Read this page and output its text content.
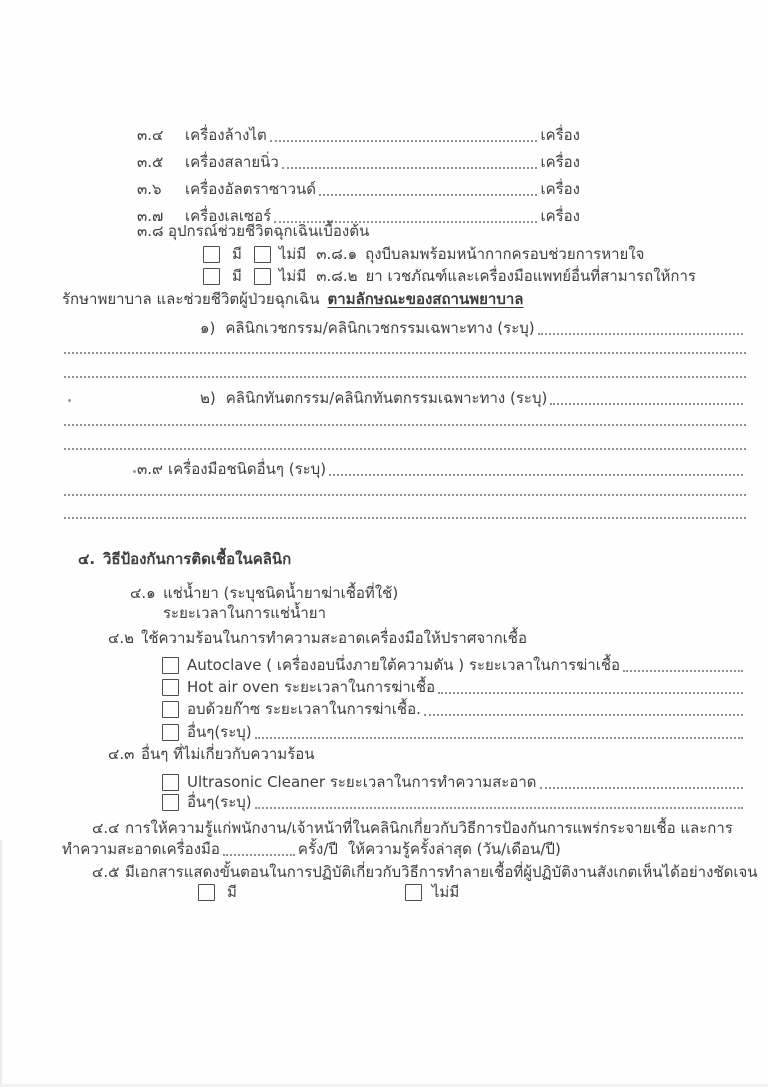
๓.๔	เครื่องล้างไต	เครื่อง
๓.๕	เครื่องสลายนิ่ว	เครื่อง
๓.๖	เครื่องอัลตราซาวนด์	เครื่อง
๓.๗	เครื่องเลเซอร์	เครื่อง
๓.๘ อุปกรณ์ช่วยชีวิตฉุกเฉินเบื้องต้น
มี ไม่มี ๓.๘.๑ ถุงบีบลมพร้อมหน้ากากครอบช่วยการหายใจ
มี ไม่มี ๓.๘.๒ ยา เวชภัณฑ์และเครื่องมือแพทย์อื่นที่สามารถให้การ
รักษาพยาบาล และช่วยชีวิตผู้ป่วยฉุกเฉิน ตามลักษณะของสถานพยาบาล
๑) คลินิกเวชกรรม/คลินิกเวชกรรมเฉพาะทาง (ระบุ)
๒) คลินิกทันตกรรม/คลินิกทันตกรรมเฉพาะทาง (ระบุ)
๓.๙ เครื่องมือชนิดอื่นๆ (ระบุ)
๔. วิธีป้องกันการติดเชื้อในคลินิก
๔.๑ แช่น้ำยา (ระบุชนิดน้ำยาฆ่าเชื้อที่ใช้)
ระยะเวลาในการแช่น้ำยา
๔.๒ ใช้ความร้อนในการทำความสะอาดเครื่องมือให้ปราศจากเชื้อ
Autoclave ( เครื่องอบนึ่งภายใต้ความดัน ) ระยะเวลาในการฆ่าเชื้อ
Hot air oven ระยะเวลาในการฆ่าเชื้อ
อบด้วยก๊าซ ระยะเวลาในการฆ่าเชื้อ.
อื่นๆ(ระบุ)
๔.๓ อื่นๆ ที่ไม่เกี่ยวกับความร้อน
Ultrasonic Cleaner ระยะเวลาในการทำความสะอาด
อื่นๆ(ระบุ)
๔.๔ การให้ความรู้แก่พนักงาน/เจ้าหน้าที่ในคลินิกเกี่ยวกับวิธีการป้องกันการแพร่กระจายเชื้อ และการ
ทำความสะอาดเครื่องมือ	ครั้ง/ปี ให้ความรู้ครั้งล่าสุด (วัน/เดือน/ปี)
๔.๕ มีเอกสารแสดงขั้นตอนในการปฏิบัติเกี่ยวกับวิธีการทำลายเชื้อที่ผู้ปฏิบัติงานสังเกตเห็นได้อย่างชัดเจน
มี	ไม่มี
